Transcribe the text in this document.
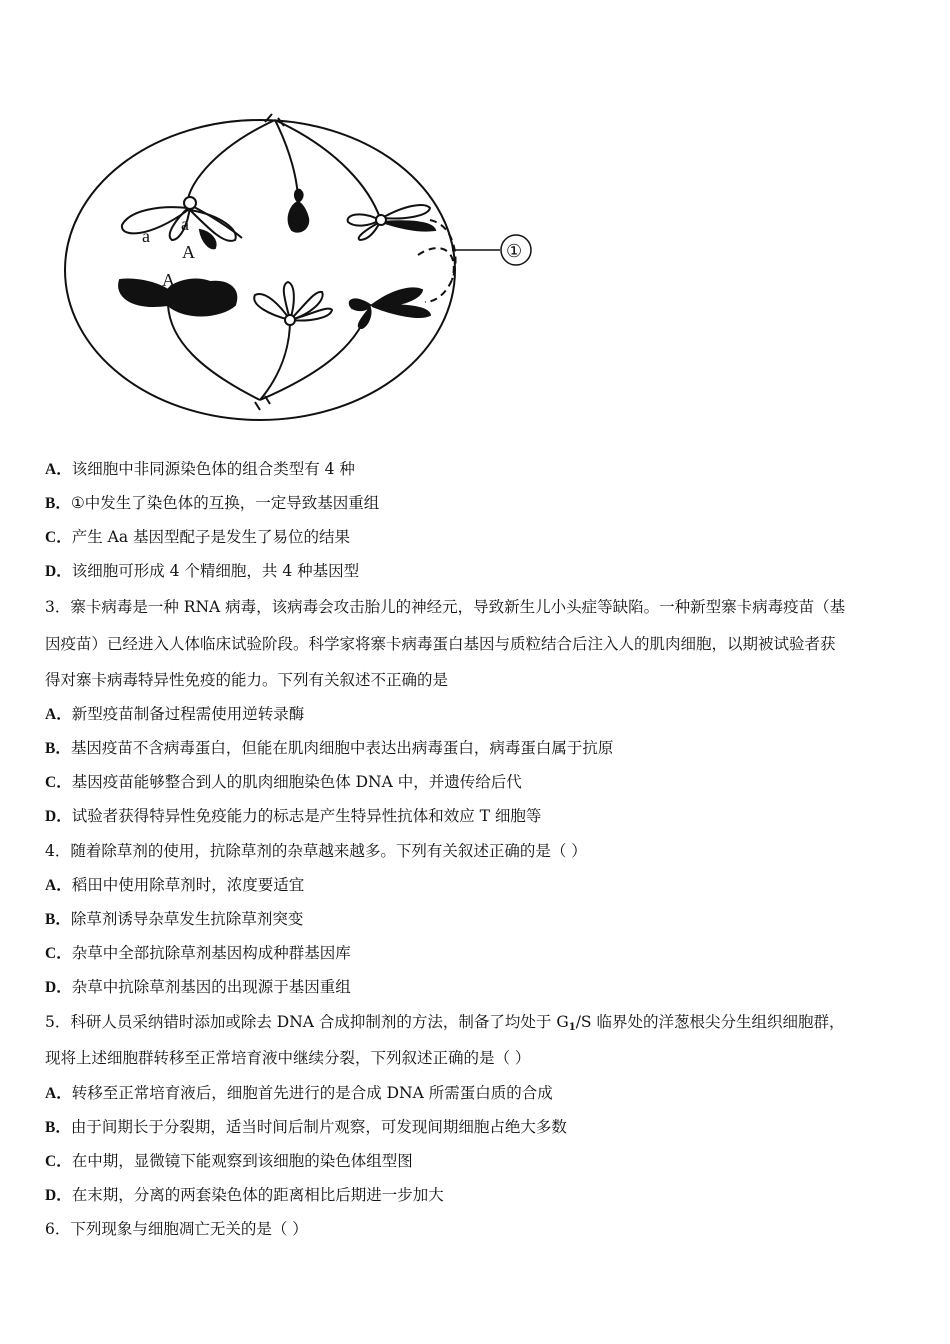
a
a
A
A
①
A．该细胞中非同源染色体的组合类型有 4 种
B．①中发生了染色体的互换，一定导致基因重组
C．产生 Aa 基因型配子是发生了易位的结果
D．该细胞可形成 4 个精细胞，共 4 种基因型
3．寨卡病毒是一种 RNA 病毒，该病毒会攻击胎儿的神经元，导致新生儿小头症等缺陷。一种新型寨卡病毒疫苗（基
因疫苗）已经进入人体临床试验阶段。科学家将寨卡病毒蛋白基因与质粒结合后注入人的肌肉细胞，以期被试验者获
得对寨卡病毒特异性免疫的能力。下列有关叙述不正确的是
A．新型疫苗制备过程需使用逆转录酶
B．基因疫苗不含病毒蛋白，但能在肌肉细胞中表达出病毒蛋白，病毒蛋白属于抗原
C．基因疫苗能够整合到人的肌肉细胞染色体 DNA 中，并遗传给后代
D．试验者获得特异性免疫能力的标志是产生特异性抗体和效应 T 细胞等
4．随着除草剂的使用，抗除草剂的杂草越来越多。下列有关叙述正确的是（ ）
A．稻田中使用除草剂时，浓度要适宜
B．除草剂诱导杂草发生抗除草剂突变
C．杂草中全部抗除草剂基因构成种群基因库
D．杂草中抗除草剂基因的出现源于基因重组
5．科研人员采纳错时添加或除去 DNA 合成抑制剂的方法，制备了均处于 $G_1/S$ 临界处的洋葱根尖分生组织细胞群，
现将上述细胞群转移至正常培育液中继续分裂，下列叙述正确的是（ ）
A．转移至正常培育液后，细胞首先进行的是合成 DNA 所需蛋白质的合成
B．由于间期长于分裂期，适当时间后制片观察，可发现间期细胞占绝大多数
C．在中期，显微镜下能观察到该细胞的染色体组型图
D．在末期，分离的两套染色体的距离相比后期进一步加大
6．下列现象与细胞凋亡无关的是（ ）
